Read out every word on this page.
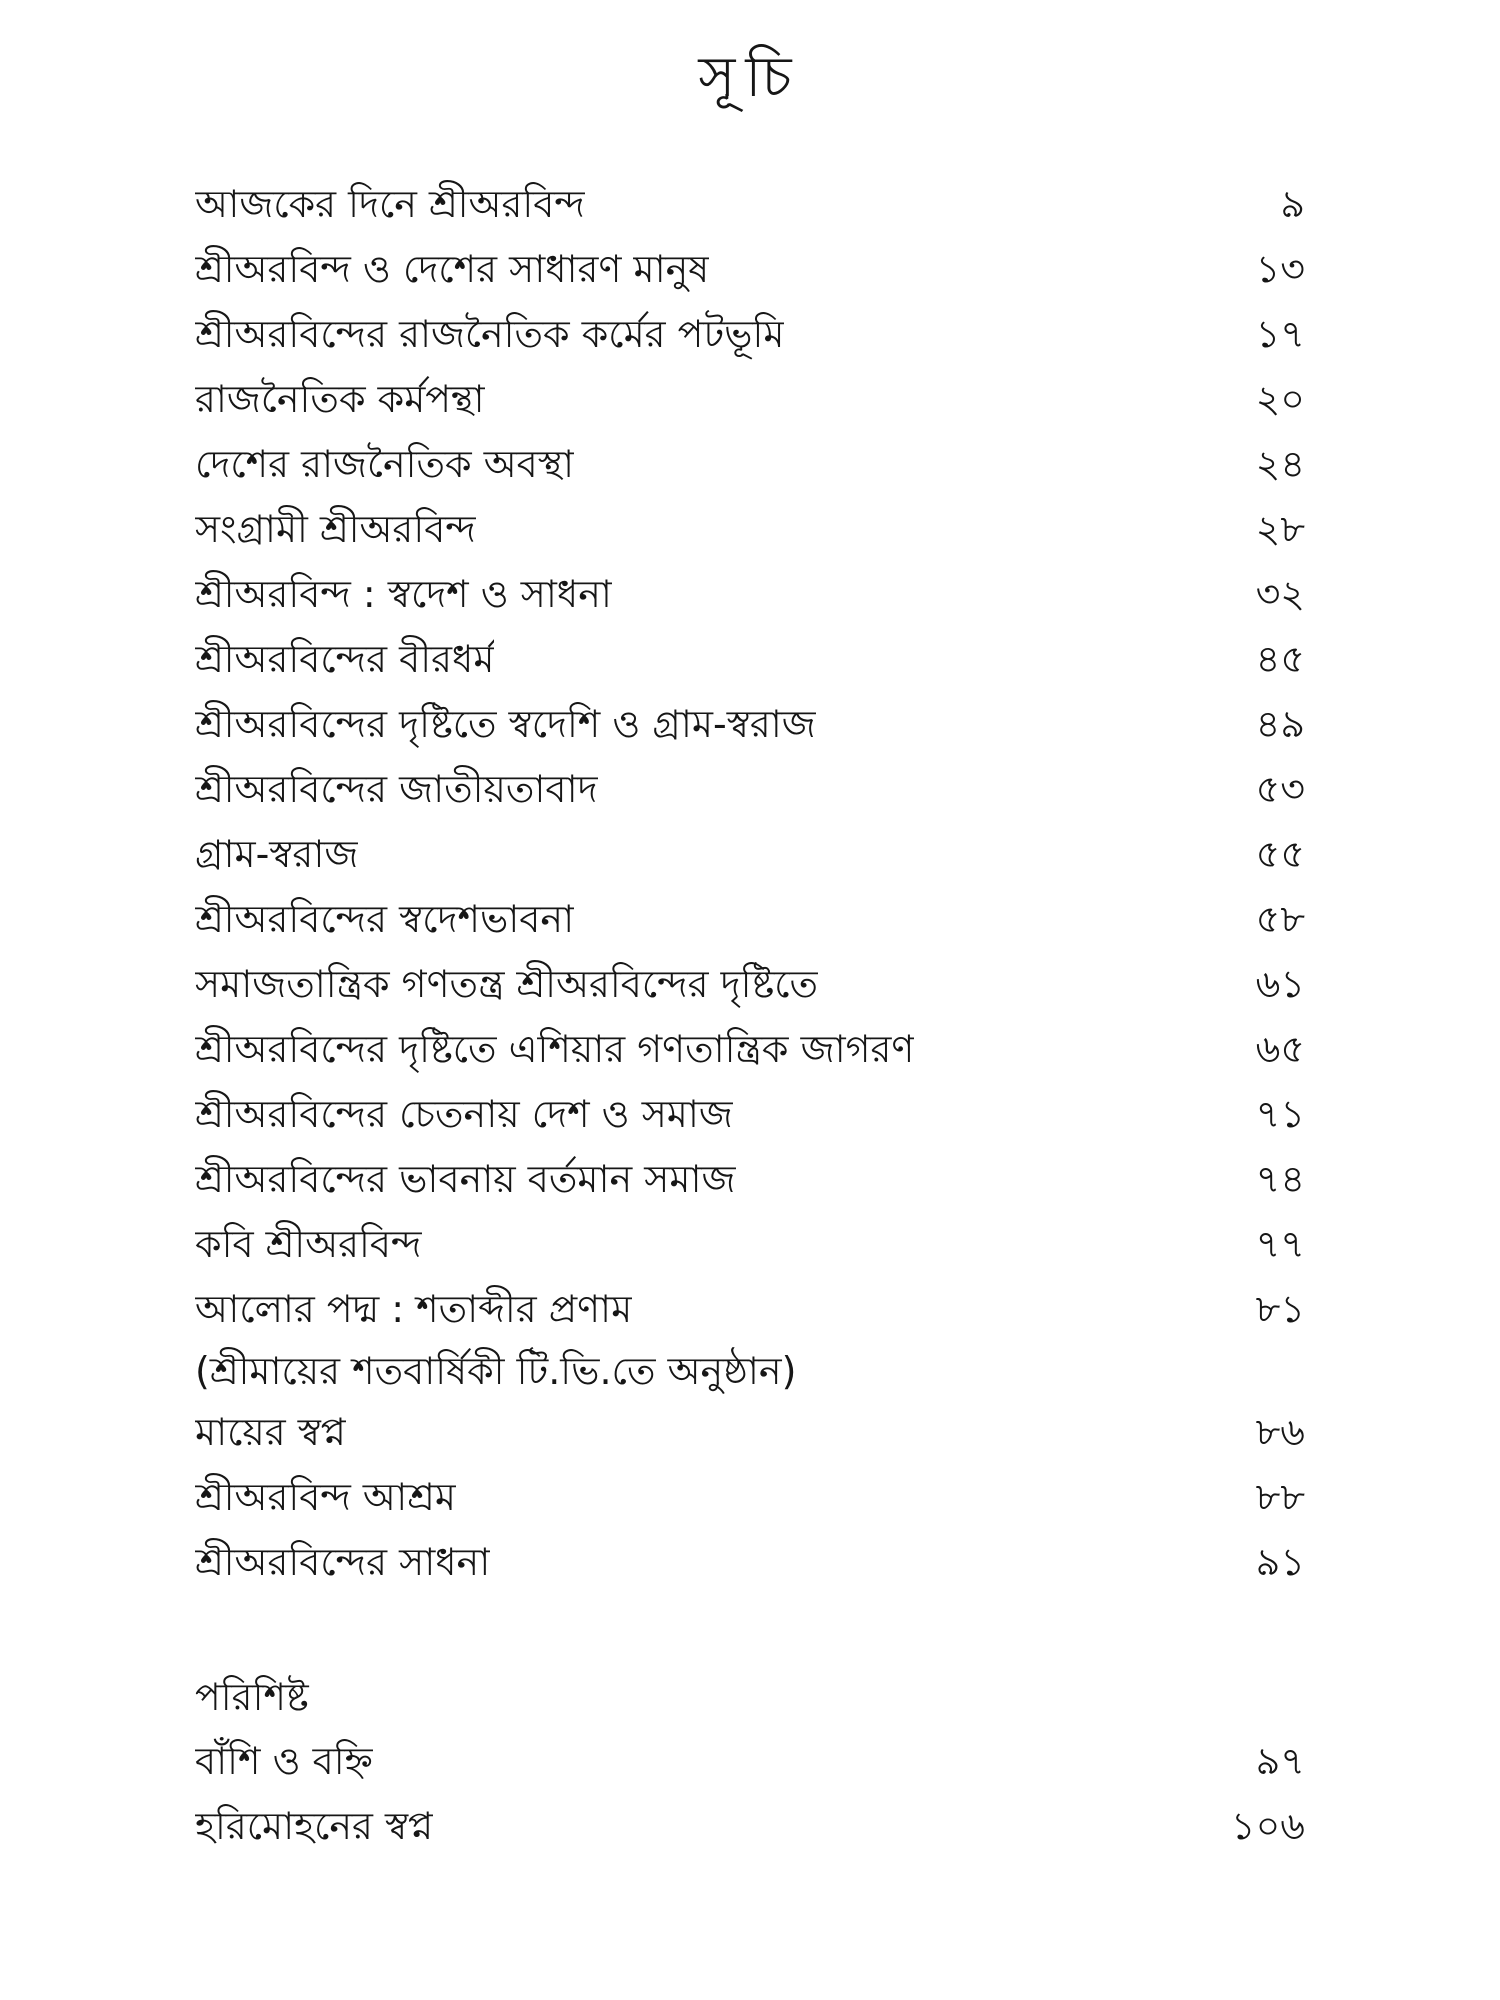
সূচি
আজকের দিনে শ্রীঅরবিন্দ	৯
শ্রীঅরবিন্দ ও দেশের সাধারণ মানুষ	১৩
শ্রীঅরবিন্দের রাজনৈতিক কর্মের পটভূমি	১৭
রাজনৈতিক কর্মপন্থা	২০
দেশের রাজনৈতিক অবস্থা	২৪
সংগ্রামী শ্রীঅরবিন্দ	২৮
শ্রীঅরবিন্দ : স্বদেশ ও সাধনা	৩২
শ্রীঅরবিন্দের বীরধর্ম	৪৫
শ্রীঅরবিন্দের দৃষ্টিতে স্বদেশি ও গ্রাম-স্বরাজ	৪৯
শ্রীঅরবিন্দের জাতীয়তাবাদ	৫৩
গ্রাম-স্বরাজ	৫৫
শ্রীঅরবিন্দের স্বদেশভাবনা	৫৮
সমাজতান্ত্রিক গণতন্ত্র শ্রীঅরবিন্দের দৃষ্টিতে	৬১
শ্রীঅরবিন্দের দৃষ্টিতে এশিয়ার গণতান্ত্রিক জাগরণ	৬৫
শ্রীঅরবিন্দের চেতনায় দেশ ও সমাজ	৭১
শ্রীঅরবিন্দের ভাবনায় বর্তমান সমাজ	৭৪
কবি শ্রীঅরবিন্দ	৭৭
আলোর পদ্ম : শতাব্দীর প্রণাম	৮১
(শ্রীমায়ের শতবার্ষিকী টি.ভি.তে অনুষ্ঠান)
মায়ের স্বপ্ন	৮৬
শ্রীঅরবিন্দ আশ্রম	৮৮
শ্রীঅরবিন্দের সাধনা	৯১
পরিশিষ্ট
বাঁশি ও বহ্নি	৯৭
হরিমোহনের স্বপ্ন	১০৬
